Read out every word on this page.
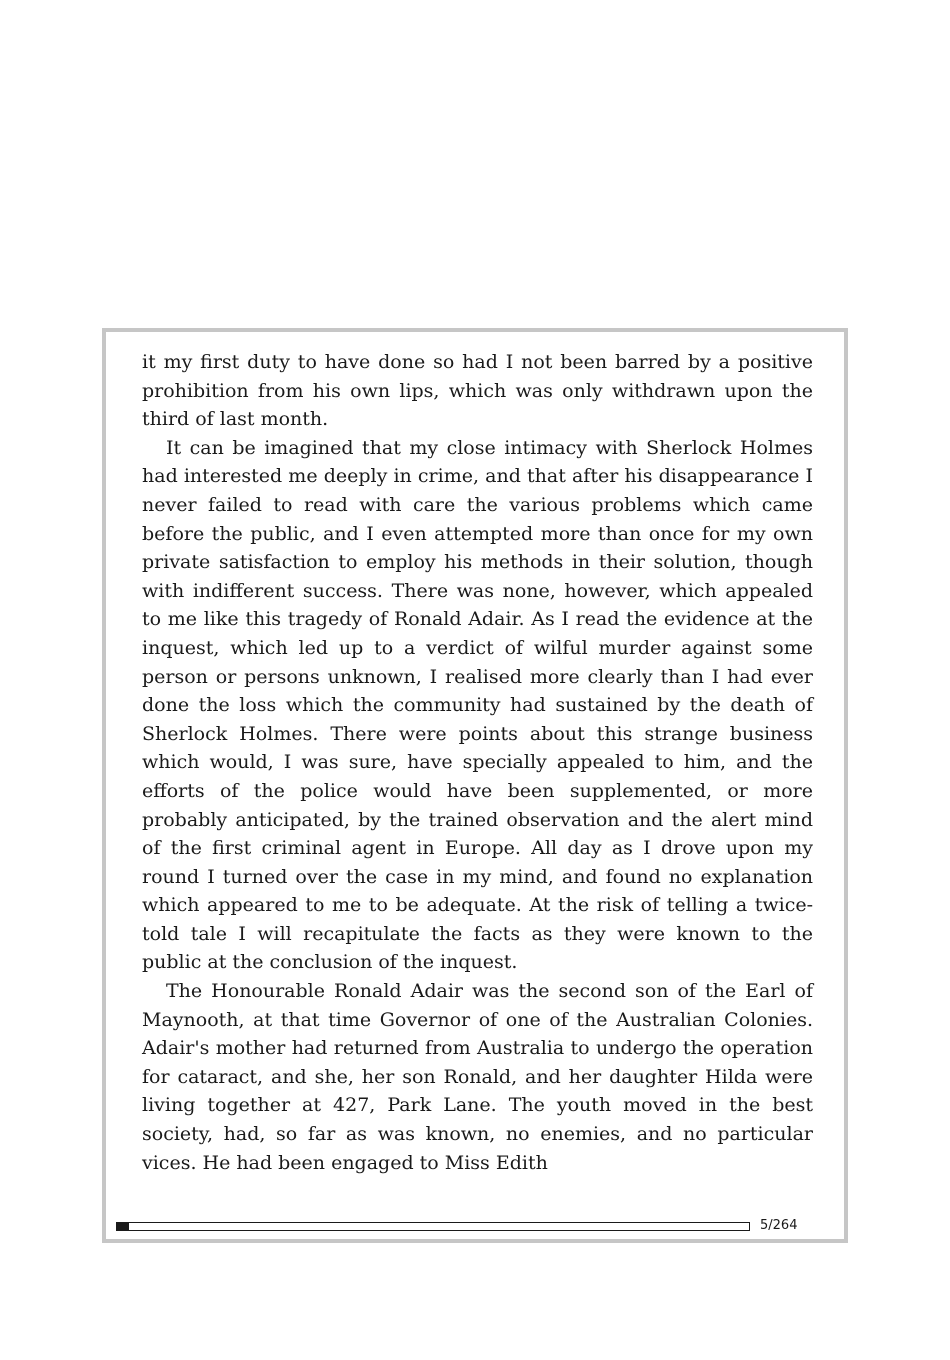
it my first duty to have done so had I not been barred by a positive prohibition from his own lips, which was only withdrawn upon the third of last month.

It can be imagined that my close intimacy with Sherlock Holmes had interested me deeply in crime, and that after his disappearance I never failed to read with care the various problems which came before the public, and I even attempted more than once for my own private satisfaction to employ his methods in their solution, though with indifferent success. There was none, however, which appealed to me like this tragedy of Ronald Adair. As I read the evidence at the inquest, which led up to a verdict of wilful murder against some person or persons unknown, I realised more clearly than I had ever done the loss which the community had sustained by the death of Sherlock Holmes. There were points about this strange business which would, I was sure, have specially appealed to him, and the efforts of the police would have been supplemented, or more probably anticipated, by the trained observation and the alert mind of the first criminal agent in Europe. All day as I drove upon my round I turned over the case in my mind, and found no explanation which appeared to me to be adequate. At the risk of telling a twice-told tale I will recapitulate the facts as they were known to the public at the conclusion of the inquest.

The Honourable Ronald Adair was the second son of the Earl of Maynooth, at that time Governor of one of the Australian Colonies. Adair's mother had returned from Australia to undergo the operation for cataract, and she, her son Ronald, and her daughter Hilda were living together at 427, Park Lane. The youth moved in the best society, had, so far as was known, no enemies, and no particular vices. He had been engaged to Miss Edith

5/264
